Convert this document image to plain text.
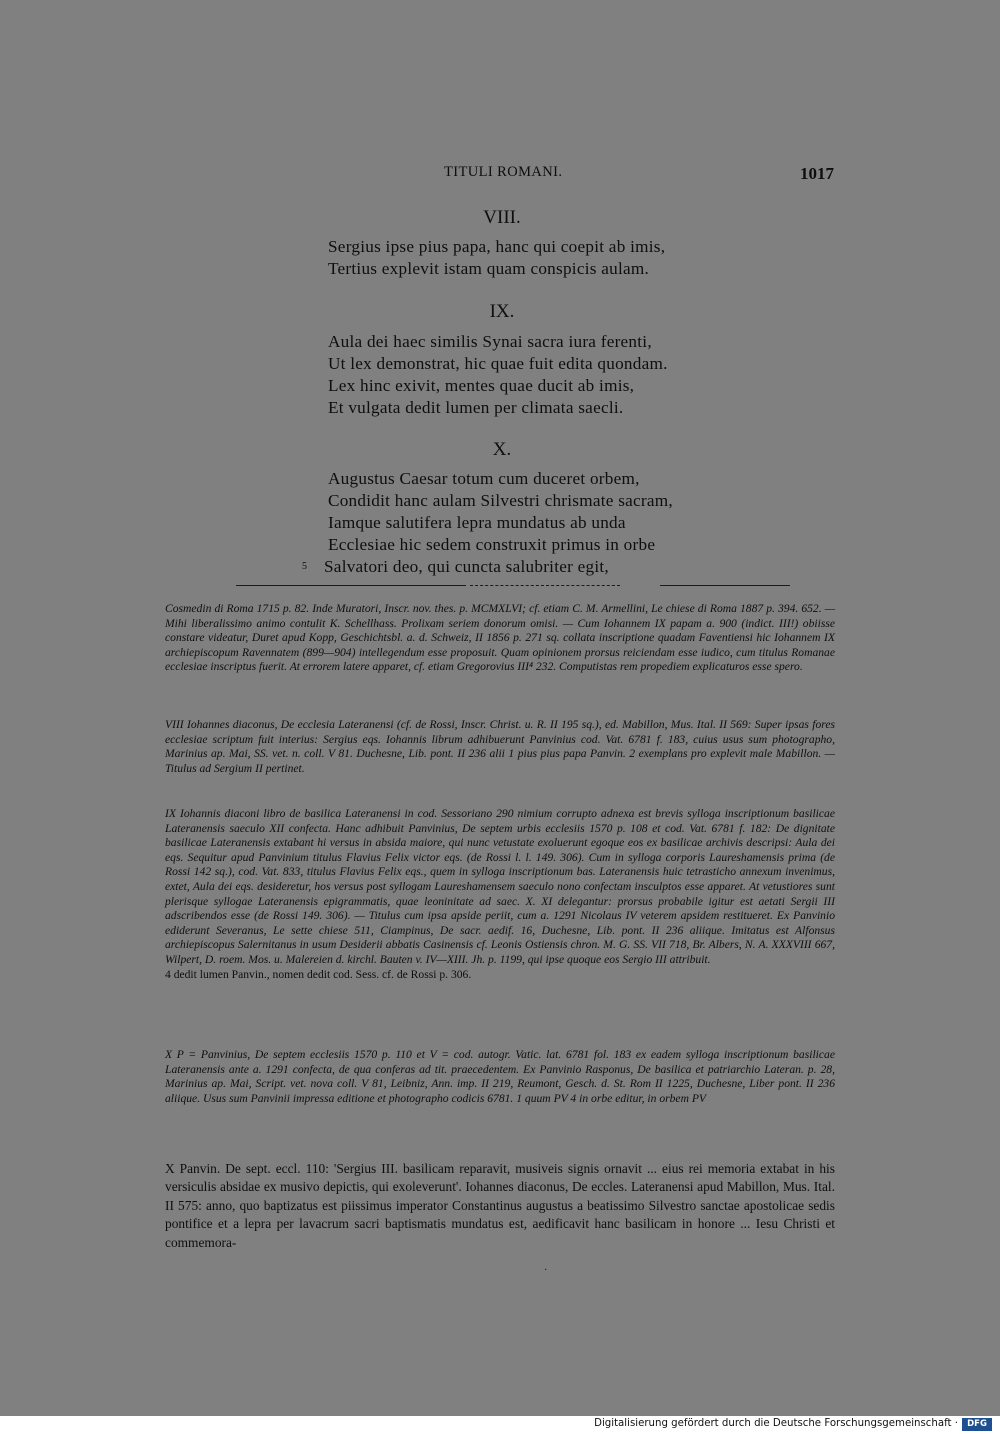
TITULI ROMANI.	1017
VIII.
Sergius ipse pius papa, hanc qui coepit ab imis,
Tertius explevit istam quam conspicis aulam.
IX.
Aula dei haec similis Synai sacra iura ferenti,
Ut lex demonstrat, hic quae fuit edita quondam.
Lex hinc exivit, mentes quae ducit ab imis,
Et vulgata dedit lumen per climata saecli.
X.
Augustus Caesar totum cum duceret orbem,
Condidit hanc aulam Silvestri chrismate sacram,
Iamque salutifera lepra mundatus ab unda
Ecclesiae hic sedem construxit primus in orbe
5 Salvatori deo, qui cuncta salubriter egit,
Cosmedin di Roma 1715 p. 82. Inde Muratori, Inscr. nov. thes. p. MCMXLVI; cf. etiam C. M. Armellini, Le chiese di Roma 1887 p. 394. 652. — Mihi liberalissimo animo contulit K. Schellhass. Prolixam seriem donorum omisi. — Cum Iohannem IX papam a. 900 (indict. III!) obiisse constare videatur, Duret apud Kopp, Geschichtsbl. a. d. Schweiz, II 1856 p. 271 sq. collata inscriptione quadam Faventiensi hic Iohannem IX archiepiscopum Ravennatem (899—904) intellegendum esse proposuit. Quam opinionem prorsus reiciendam esse iudico, cum titulus Romanae ecclesiae inscriptus fuerit. At errorem latere apparet, cf. etiam Gregorovius III⁴ 232. Computistas rem propediem explicaturos esse spero.
VIII Iohannes diaconus, De ecclesia Lateranensi (cf. de Rossi, Inscr. Christ. u. R. II 195 sq.), ed. Mabillon, Mus. Ital. II 569: Super ipsas fores ecclesiae scriptum fuit interius: Sergius eqs. Iohannis librum adhibuerunt Panvinius cod. Vat. 6781 f. 183, cuius usus sum photographo, Marinius ap. Mai, SS. vet. n. coll. V 81. Duchesne, Lib. pont. II 236 alii 1 pius pius papa Panvin. 2 exemplans pro explevit male Mabillon. — Titulus ad Sergium II pertinet.
IX Iohannis diaconi libro de basilica Lateranensi in cod. Sessoriano 290 nimium corrupto adnexa est brevis sylloga inscriptionum basilicae Lateranensis saeculo XII confecta. Hanc adhibuit Panvinius, De septem urbis ecclesiis 1570 p. 108 et cod. Vat. 6781 f. 182: De dignitate basilicae Lateranensis extabant hi versus in absida maiore, qui nunc vetustate exoluerunt egoque eos ex basilicae archivis descripsi: Aula dei eqs. Sequitur apud Panvinium titulus Flavius Felix victor eqs. (de Rossi l. l. 149. 306). Cum in sylloga corporis Laureshamensis prima (de Rossi 142 sq.), cod. Vat. 833, titulus Flavius Felix eqs., quem in sylloga inscriptionum bas. Lateranensis huic tetrasticho annexum invenimus, extet, Aula dei eqs. desideretur, hos versus post syllogam Laureshamensem saeculo nono confectam insculptos esse apparet. At vetustiores sunt plerisque syllogae Lateranensis epigrammatis, quae leoninitate ad saec. X. XI delegantur: prorsus probabile igitur est aetati Sergii III adscribendos esse (de Rossi 149. 306). — Titulus cum ipsa apside periit, cum a. 1291 Nicolaus IV veterem apsidem restitueret. Ex Panvinio ediderunt Severanus, Le sette chiese 511, Ciampinus, De sacr. aedif. 16, Duchesne, Lib. pont. II 236 aliique. Imitatus est Alfonsus archiepiscopus Salernitanus in usum Desiderii abbatis Casinensis cf. Leonis Ostiensis chron. M. G. SS. VII 718, Br. Albers, N. A. XXXVIII 667, Wilpert, D. roem. Mos. u. Malereien d. kirchl. Bauten v. IV—XIII. Jh. p. 1199, qui ipse quoque eos Sergio III attribuit.
4 dedit lumen Panvin., nomen dedit cod. Sess. cf. de Rossi p. 306.
X P = Panvinius, De septem ecclesiis 1570 p. 110 et V = cod. autogr. Vatic. lat. 6781 fol. 183 ex eadem sylloga inscriptionum basilicae Lateranensis ante a. 1291 confecta, de qua conferas ad tit. praecedentem. Ex Panvinio Rasponus, De basilica et patriarchio Lateran. p. 28, Marinius ap. Mai, Script. vet. nova coll. V 81, Leibniz, Ann. imp. II 219, Reumont, Gesch. d. St. Rom II 1225, Duchesne, Liber pont. II 236 aliique. Usus sum Panvinii impressa editione et photographo codicis 6781. 1 quum PV 4 in orbe editur, in orbem PV
X Panvin. De sept. eccl. 110: 'Sergius III. basilicam reparavit, musiveis signis ornavit ... eius rei memoria extabat in his versiculis absidae ex musivo depictis, qui exoleverunt'. Iohannes diaconus, De eccles. Lateranensi apud Mabillon, Mus. Ital. II 575: anno, quo baptizatus est piissimus imperator Constantinus augustus a beatissimo Silvestro sanctae apostolicae sedis pontifice et a lepra per lavacrum sacri baptismatis mundatus est, aedificavit hanc basilicam in honore ... Iesu Christi et commemora-
·
Digitalisierung gefördert durch die Deutsche Forschungsgemeinschaft ·	DFG
